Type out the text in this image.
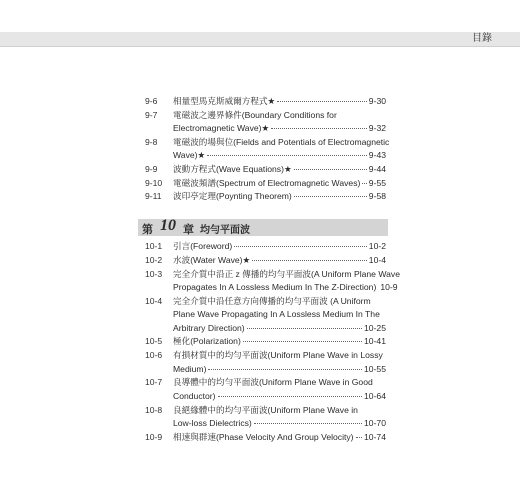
目錄
9-6 相量型馬克斯威爾方程式★	9-30
9-7 電磁波之邊界條件(Boundary Conditions for
Electromagnetic Wave)★	9-32
9-8 電磁波的場與位(Fields and Potentials of Electromagnetic
Wave)★	9-43
9-9 波動方程式(Wave Equations)★	9-44
9-10 電磁波頻譜(Spectrum of Electromagnetic Waves) 9-55
9-11 波印亭定理(Poynting Theorem)	9-58
第 10 章 均勻平面波
10-1 引言(Foreword)	10-2
10-2 水波(Water Wave)★	10-4
10-3 完全介質中沿正 z 傳播的均勻平面波(A Uniform Plane Wave
Propagates In A Lossless Medium In The Z-Direction) 10-9
10-4 完全介質中沿任意方向傳播的均勻平面波 (A Uniform
Plane Wave Propagating In A Lossless Medium In The
Arbitrary Direction)	10-25
10-5 極化(Polarization)	10-41
10-6 有損材質中的均勻平面波(Uniform Plane Wave in Lossy
Medium)	10-55
10-7 良導體中的均勻平面波(Uniform Plane Wave in Good
Conductor)	10-64
10-8 良絕緣體中的均勻平面波(Uniform Plane Wave in
Low-loss Dielectrics)	10-70
10-9 相速與群速(Phase Velocity And Group Velocity) 10-74
